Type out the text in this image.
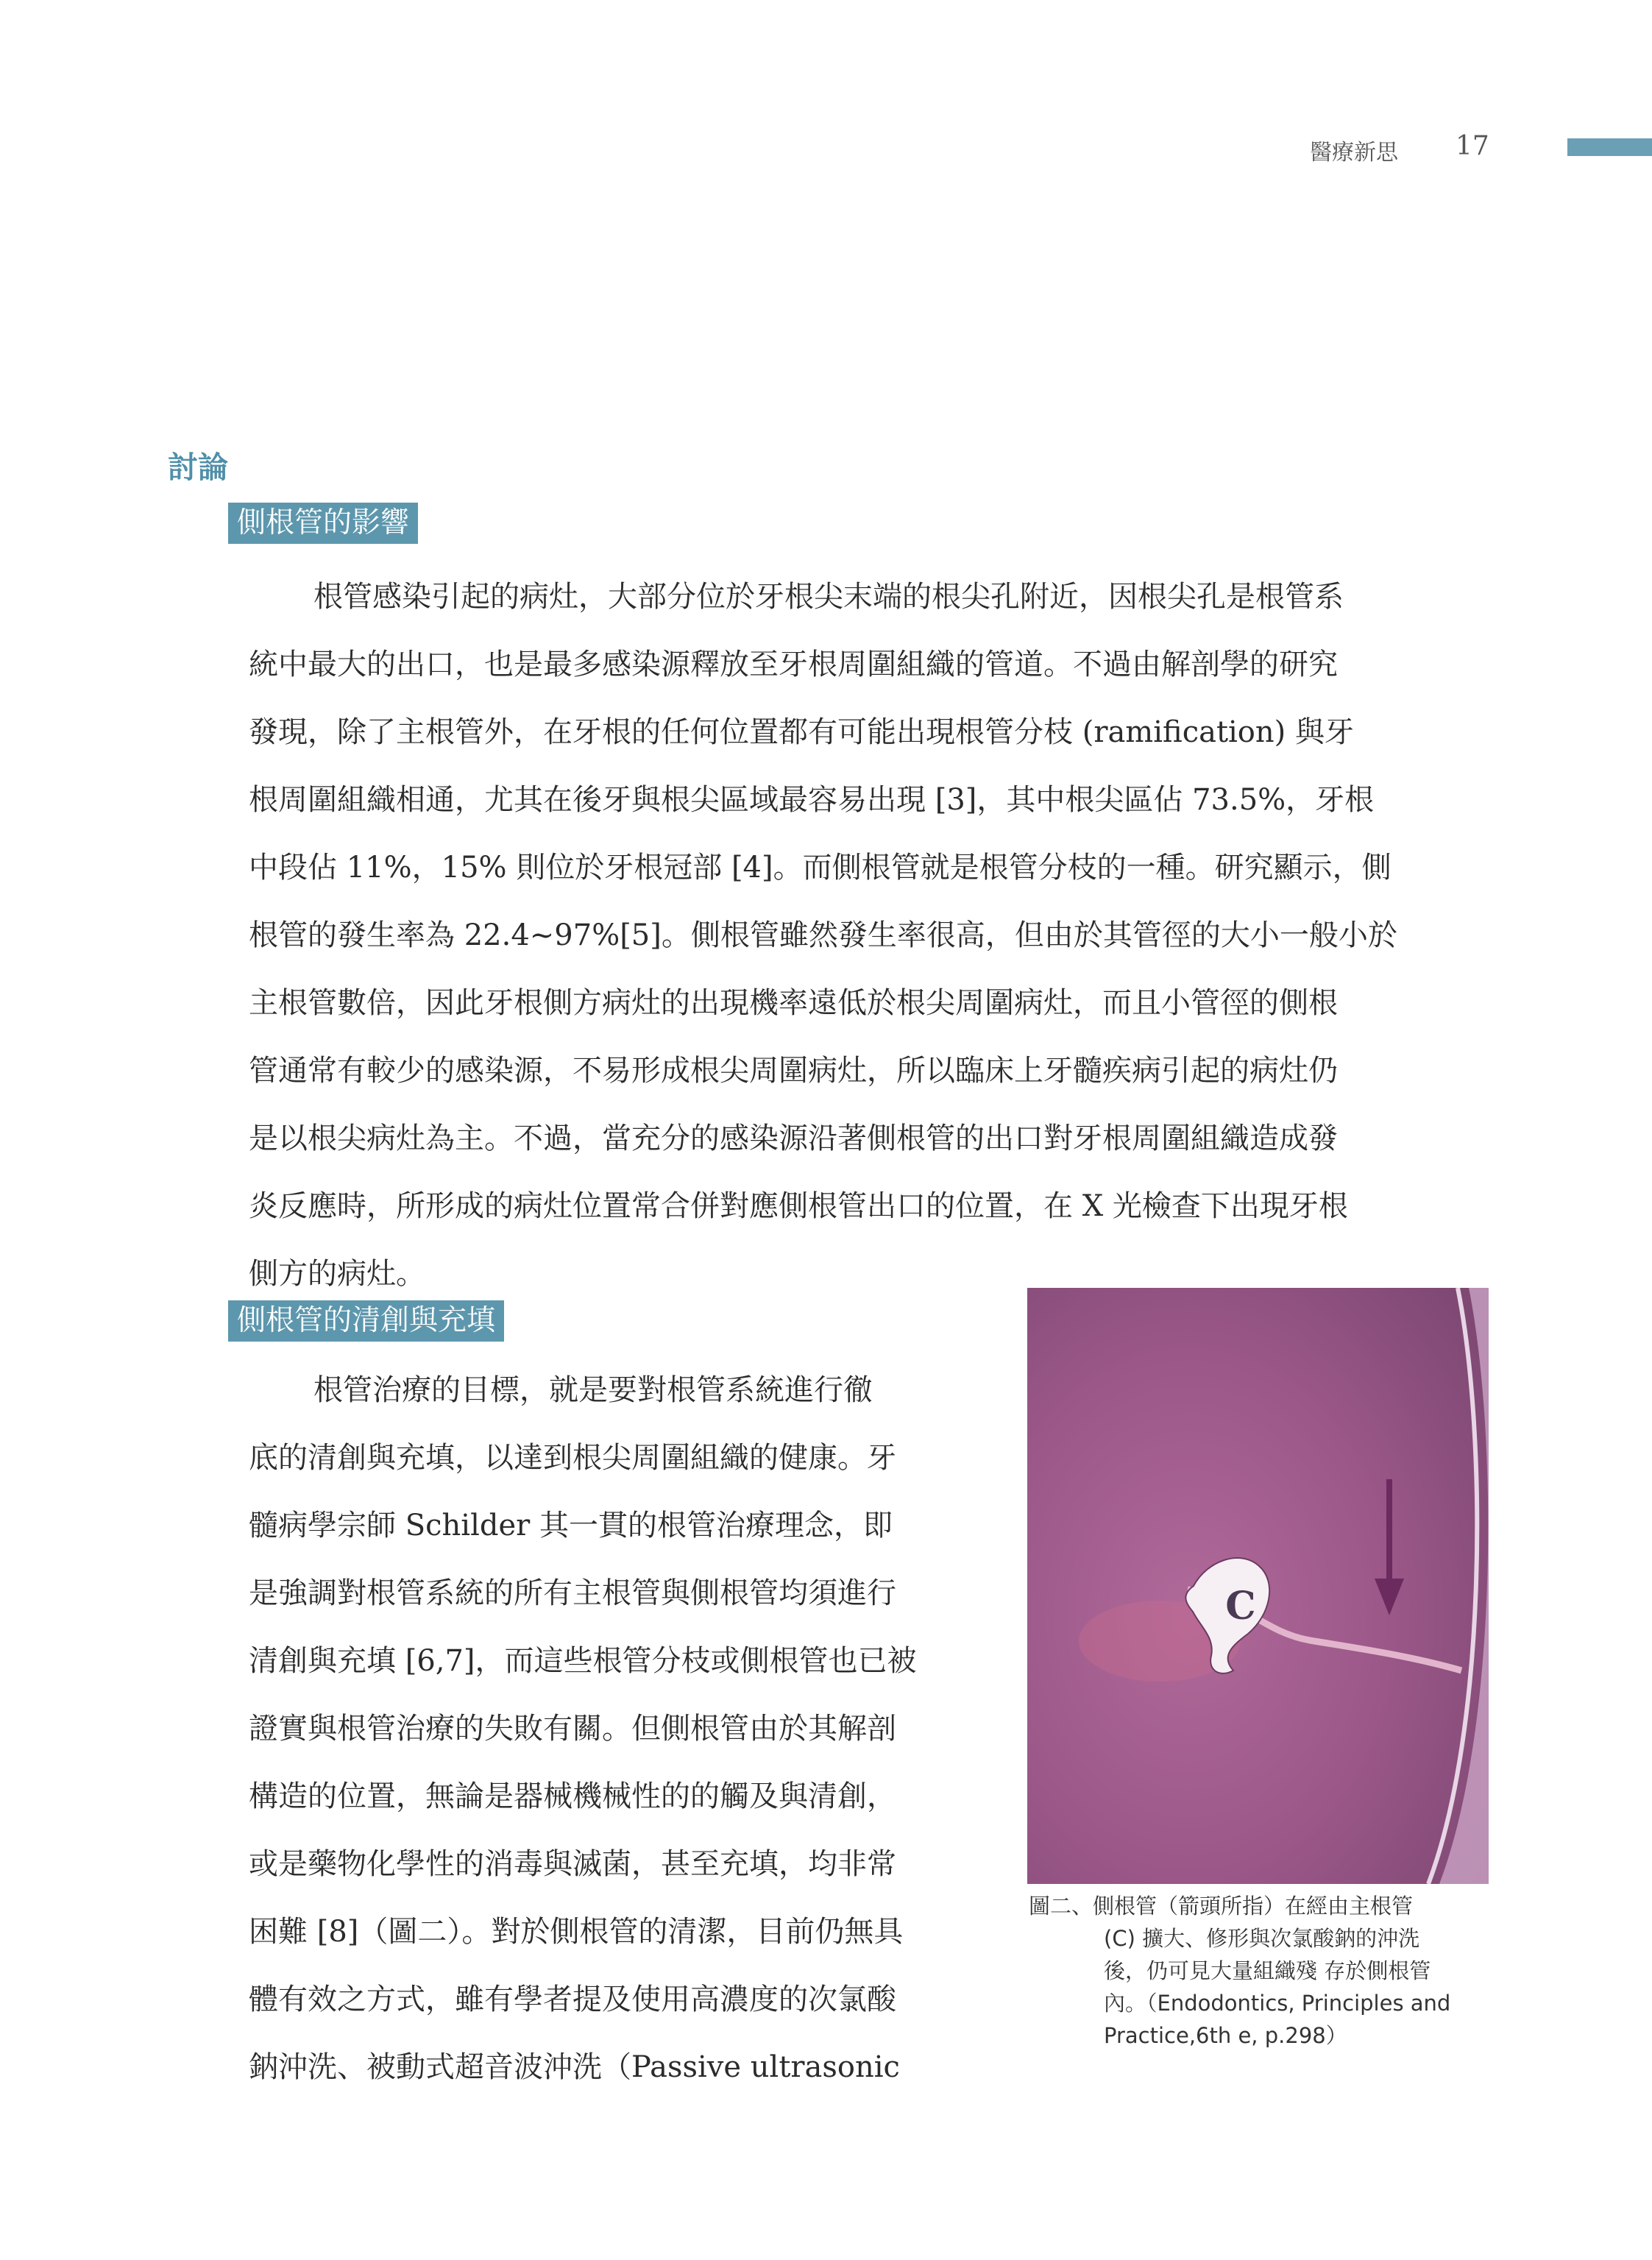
醫療新思 17
討論
側根管的影響
根管感染引起的病灶，大部分位於牙根尖末端的根尖孔附近，因根尖孔是根管系
統中最大的出口，也是最多感染源釋放至牙根周圍組織的管道。不過由解剖學的研究
發現，除了主根管外，在牙根的任何位置都有可能出現根管分枝 (ramification) 與牙
根周圍組織相通，尤其在後牙與根尖區域最容易出現 [3]，其中根尖區佔 73.5%，牙根
中段佔 11%，15% 則位於牙根冠部 [4]。而側根管就是根管分枝的一種。研究顯示，側
根管的發生率為 22.4~97%[5]。側根管雖然發生率很高，但由於其管徑的大小一般小於
主根管數倍，因此牙根側方病灶的出現機率遠低於根尖周圍病灶，而且小管徑的側根
管通常有較少的感染源，不易形成根尖周圍病灶，所以臨床上牙髓疾病引起的病灶仍
是以根尖病灶為主。不過，當充分的感染源沿著側根管的出口對牙根周圍組織造成發
炎反應時，所形成的病灶位置常合併對應側根管出口的位置，在 X 光檢查下出現牙根
側方的病灶。
側根管的清創與充填
根管治療的目標，就是要對根管系統進行徹
底的清創與充填，以達到根尖周圍組織的健康。牙
髓病學宗師 Schilder 其一貫的根管治療理念，即
是強調對根管系統的所有主根管與側根管均須進行
清創與充填 [6,7]，而這些根管分枝或側根管也已被
證實與根管治療的失敗有關。但側根管由於其解剖
構造的位置，無論是器械機械性的的觸及與清創，
或是藥物化學性的消毒與滅菌，甚至充填，均非常
困難 [8]（圖二）。對於側根管的清潔，目前仍無具
體有效之方式，雖有學者提及使用高濃度的次氯酸
鈉沖洗、被動式超音波沖洗（Passive ultrasonic
C
圖二、側根管（箭頭所指）在經由主根管
(C) 擴大、修形與次氯酸鈉的沖洗
後，仍可見大量組織殘 存於側根管
內。（Endodontics, Principles and
Practice,6th e, p.298）
